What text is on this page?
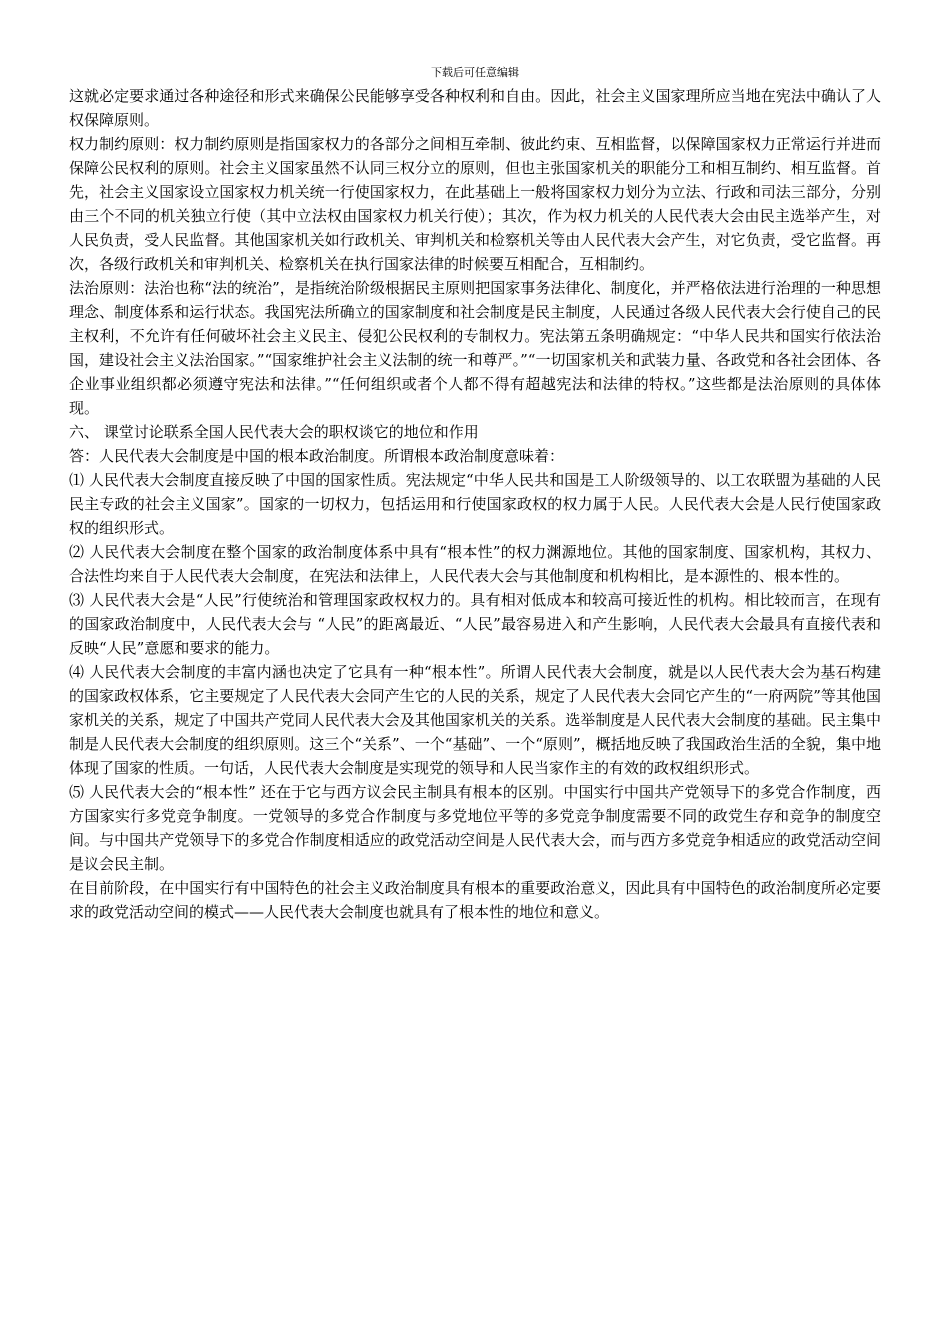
下载后可任意编辑

这就必定要求通过各种途径和形式来确保公民能够享受各种权利和自由。因此，社会主义国家理所应当地在宪法中确认了人权保障原则。

权力制约原则：权力制约原则是指国家权力的各部分之间相互牵制、彼此约束、互相监督，以保障国家权力正常运行并进而保障公民权利的原则。社会主义国家虽然不认同三权分立的原则，但也主张国家机关的职能分工和相互制约、相互监督。首先，社会主义国家设立国家权力机关统一行使国家权力，在此基础上一般将国家权力划分为立法、行政和司法三部分，分别由三个不同的机关独立行使（其中立法权由国家权力机关行使）；其次，作为权力机关的人民代表大会由民主选举产生，对人民负责，受人民监督。其他国家机关如行政机关、审判机关和检察机关等由人民代表大会产生，对它负责，受它监督。再次，各级行政机关和审判机关、检察机关在执行国家法律的时候要互相配合，互相制约。

法治原则：法治也称“法的统治”，是指统治阶级根据民主原则把国家事务法律化、制度化，并严格依法进行治理的一种思想理念、制度体系和运行状态。我国宪法所确立的国家制度和社会制度是民主制度，人民通过各级人民代表大会行使自己的民主权利，不允许有任何破坏社会主义民主、侵犯公民权利的专制权力。宪法第五条明确规定：“中华人民共和国实行依法治国，建设社会主义法治国家。”“国家维护社会主义法制的统一和尊严。”“一切国家机关和武装力量、各政党和各社会团体、各企业事业组织都必须遵守宪法和法律。”“任何组织或者个人都不得有超越宪法和法律的特权。”这些都是法治原则的具体体现。

六、 课堂讨论联系全国人民代表大会的职权谈它的地位和作用

答：人民代表大会制度是中国的根本政治制度。所谓根本政治制度意味着：

⑴ 人民代表大会制度直接反映了中国的国家性质。宪法规定“中华人民共和国是工人阶级领导的、以工农联盟为基础的人民民主专政的社会主义国家”。国家的一切权力，包括运用和行使国家政权的权力属于人民。人民代表大会是人民行使国家政权的组织形式。

⑵ 人民代表大会制度在整个国家的政治制度体系中具有“根本性”的权力渊源地位。其他的国家制度、国家机构，其权力、合法性均来自于人民代表大会制度，在宪法和法律上，人民代表大会与其他制度和机构相比，是本源性的、根本性的。

⑶ 人民代表大会是“人民”行使统治和管理国家政权权力的。具有相对低成本和较高可接近性的机构。相比较而言，在现有的国家政治制度中，人民代表大会与 “人民”的距离最近、“人民”最容易进入和产生影响，人民代表大会最具有直接代表和反映“人民”意愿和要求的能力。

⑷ 人民代表大会制度的丰富内涵也决定了它具有一种“根本性”。所谓人民代表大会制度，就是以人民代表大会为基石构建的国家政权体系，它主要规定了人民代表大会同产生它的人民的关系，规定了人民代表大会同它产生的“一府两院”等其他国家机关的关系，规定了中国共产党同人民代表大会及其他国家机关的关系。选举制度是人民代表大会制度的基础。民主集中制是人民代表大会制度的组织原则。这三个“关系”、一个“基础”、一个“原则”，概括地反映了我国政治生活的全貌，集中地体现了国家的性质。一句话，人民代表大会制度是实现党的领导和人民当家作主的有效的政权组织形式。

⑸ 人民代表大会的“根本性” 还在于它与西方议会民主制具有根本的区别。中国实行中国共产党领导下的多党合作制度，西方国家实行多党竞争制度。一党领导的多党合作制度与多党地位平等的多党竞争制度需要不同的政党生存和竞争的制度空间。与中国共产党领导下的多党合作制度相适应的政党活动空间是人民代表大会，而与西方多党竞争相适应的政党活动空间是议会民主制。

在目前阶段，在中国实行有中国特色的社会主义政治制度具有根本的重要政治意义，因此具有中国特色的政治制度所必定要求的政党活动空间的模式——人民代表大会制度也就具有了根本性的地位和意义。
